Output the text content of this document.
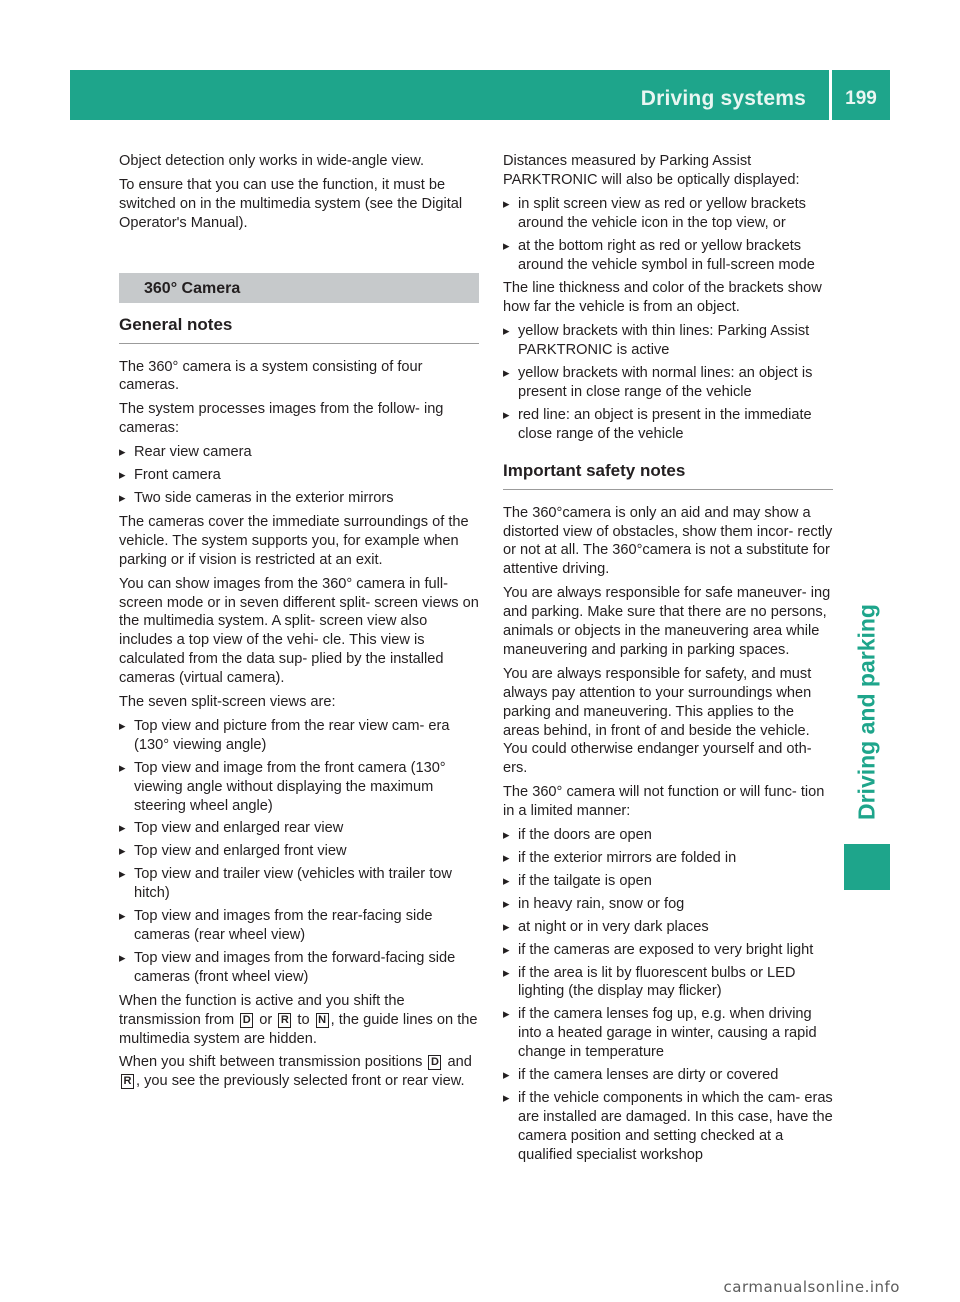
Driving systems	199
Driving and parking

Object detection only works in wide-angle view.

To ensure that you can use the function, it must be switched on in the multimedia system (see the Digital Operator's Manual).

360° Camera
General notes

The 360° camera is a system consisting of four cameras.

The system processes images from the follow- ing cameras:

▸ Rear view camera
▸ Front camera
▸ Two side cameras in the exterior mirrors

The cameras cover the immediate surroundings of the vehicle. The system supports you, for example when parking or if vision is restricted at an exit.

You can show images from the 360° camera in full-screen mode or in seven different split- screen views on the multimedia system. A split- screen view also includes a top view of the vehi- cle. This view is calculated from the data sup- plied by the installed cameras (virtual camera).

The seven split-screen views are:

▸ Top view and picture from the rear view cam- era (130° viewing angle)
▸ Top view and image from the front camera (130° viewing angle without displaying the maximum steering wheel angle)
▸ Top view and enlarged rear view
▸ Top view and enlarged front view
▸ Top view and trailer view (vehicles with trailer tow hitch)
▸ Top view and images from the rear-facing side cameras (rear wheel view)
▸ Top view and images from the forward-facing side cameras (front wheel view)

When the function is active and you shift the transmission from D or R to N , the guide lines on the multimedia system are hidden.

When you shift between transmission positions D and R , you see the previously selected front or rear view.

Distances measured by Parking Assist PARKTRONIC will also be optically displayed:

▸ in split screen view as red or yellow brackets around the vehicle icon in the top view, or
▸ at the bottom right as red or yellow brackets around the vehicle symbol in full-screen mode

The line thickness and color of the brackets show how far the vehicle is from an object.

▸ yellow brackets with thin lines: Parking Assist PARKTRONIC is active
▸ yellow brackets with normal lines: an object is present in close range of the vehicle
▸ red line: an object is present in the immediate close range of the vehicle
Important safety notes

The 360°camera is only an aid and may show a distorted view of obstacles, show them incor- rectly or not at all. The 360°camera is not a substitute for attentive driving.

You are always responsible for safe maneuver- ing and parking. Make sure that there are no persons, animals or objects in the maneuvering area while maneuvering and parking in parking spaces.

You are always responsible for safety, and must always pay attention to your surroundings when parking and maneuvering. This applies to the areas behind, in front of and beside the vehicle. You could otherwise endanger yourself and oth- ers.

The 360° camera will not function or will func- tion in a limited manner:

▸ if the doors are open
▸ if the exterior mirrors are folded in
▸ if the tailgate is open
▸ in heavy rain, snow or fog
▸ at night or in very dark places
▸ if the cameras are exposed to very bright light
▸ if the area is lit by fluorescent bulbs or LED lighting (the display may flicker)
▸ if the camera lenses fog up, e.g. when driving into a heated garage in winter, causing a rapid change in temperature
▸ if the camera lenses are dirty or covered
▸ if the vehicle components in which the cam- eras are installed are damaged. In this case, have the camera position and setting checked at a qualified specialist workshop
carmanualsonline.info
